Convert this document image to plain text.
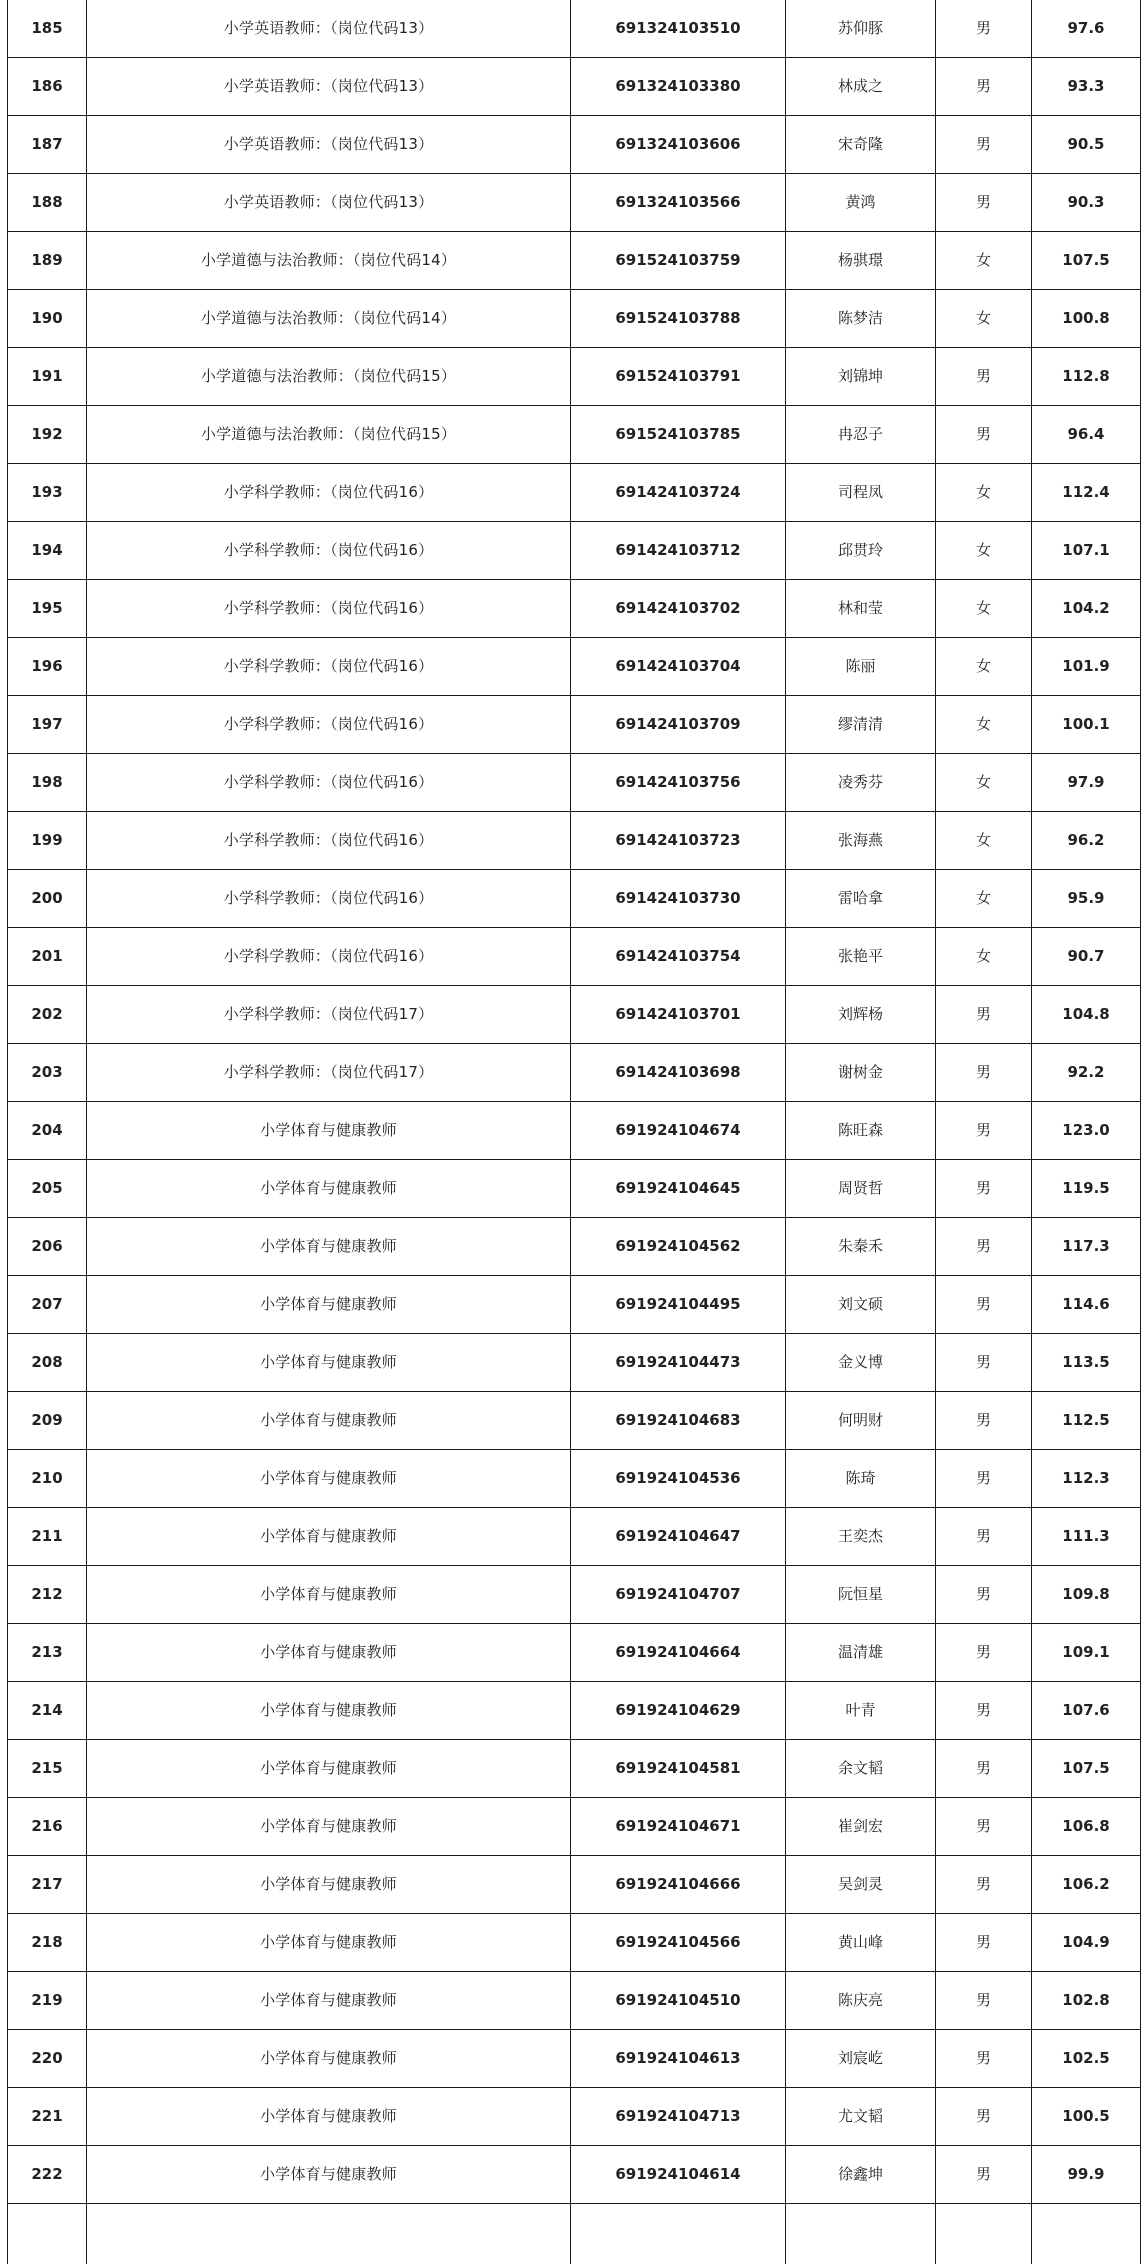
185	小学英语教师：（岗位代码13）	691324103510	苏仰豚	男	97.6
186	小学英语教师：（岗位代码13）	691324103380	林成之	男	93.3
187	小学英语教师：（岗位代码13）	691324103606	宋奇隆	男	90.5
188	小学英语教师：（岗位代码13）	691324103566	黄鸿	男	90.3
189	小学道德与法治教师：（岗位代码14）	691524103759	杨骐璟	女	107.5
190	小学道德与法治教师：（岗位代码14）	691524103788	陈梦洁	女	100.8
191	小学道德与法治教师：（岗位代码15）	691524103791	刘锦坤	男	112.8
192	小学道德与法治教师：（岗位代码15）	691524103785	冉忍子	男	96.4
193	小学科学教师：（岗位代码16）	691424103724	司程凤	女	112.4
194	小学科学教师：（岗位代码16）	691424103712	邱贯玲	女	107.1
195	小学科学教师：（岗位代码16）	691424103702	林和莹	女	104.2
196	小学科学教师：（岗位代码16）	691424103704	陈丽	女	101.9
197	小学科学教师：（岗位代码16）	691424103709	缪清清	女	100.1
198	小学科学教师：（岗位代码16）	691424103756	凌秀芬	女	97.9
199	小学科学教师：（岗位代码16）	691424103723	张海燕	女	96.2
200	小学科学教师：（岗位代码16）	691424103730	雷哈拿	女	95.9
201	小学科学教师：（岗位代码16）	691424103754	张艳平	女	90.7
202	小学科学教师：（岗位代码17）	691424103701	刘辉杨	男	104.8
203	小学科学教师：（岗位代码17）	691424103698	谢树金	男	92.2
204	小学体育与健康教师	691924104674	陈旺森	男	123.0
205	小学体育与健康教师	691924104645	周贤哲	男	119.5
206	小学体育与健康教师	691924104562	朱秦禾	男	117.3
207	小学体育与健康教师	691924104495	刘文硕	男	114.6
208	小学体育与健康教师	691924104473	金义博	男	113.5
209	小学体育与健康教师	691924104683	何明财	男	112.5
210	小学体育与健康教师	691924104536	陈琦	男	112.3
211	小学体育与健康教师	691924104647	王奕杰	男	111.3
212	小学体育与健康教师	691924104707	阮恒星	男	109.8
213	小学体育与健康教师	691924104664	温清雄	男	109.1
214	小学体育与健康教师	691924104629	叶青	男	107.6
215	小学体育与健康教师	691924104581	余文韬	男	107.5
216	小学体育与健康教师	691924104671	崔剑宏	男	106.8
217	小学体育与健康教师	691924104666	吴剑灵	男	106.2
218	小学体育与健康教师	691924104566	黄山峰	男	104.9
219	小学体育与健康教师	691924104510	陈庆亮	男	102.8
220	小学体育与健康教师	691924104613	刘宸屹	男	102.5
221	小学体育与健康教师	691924104713	尤文韬	男	100.5
222	小学体育与健康教师	691924104614	徐鑫坤	男	99.9
